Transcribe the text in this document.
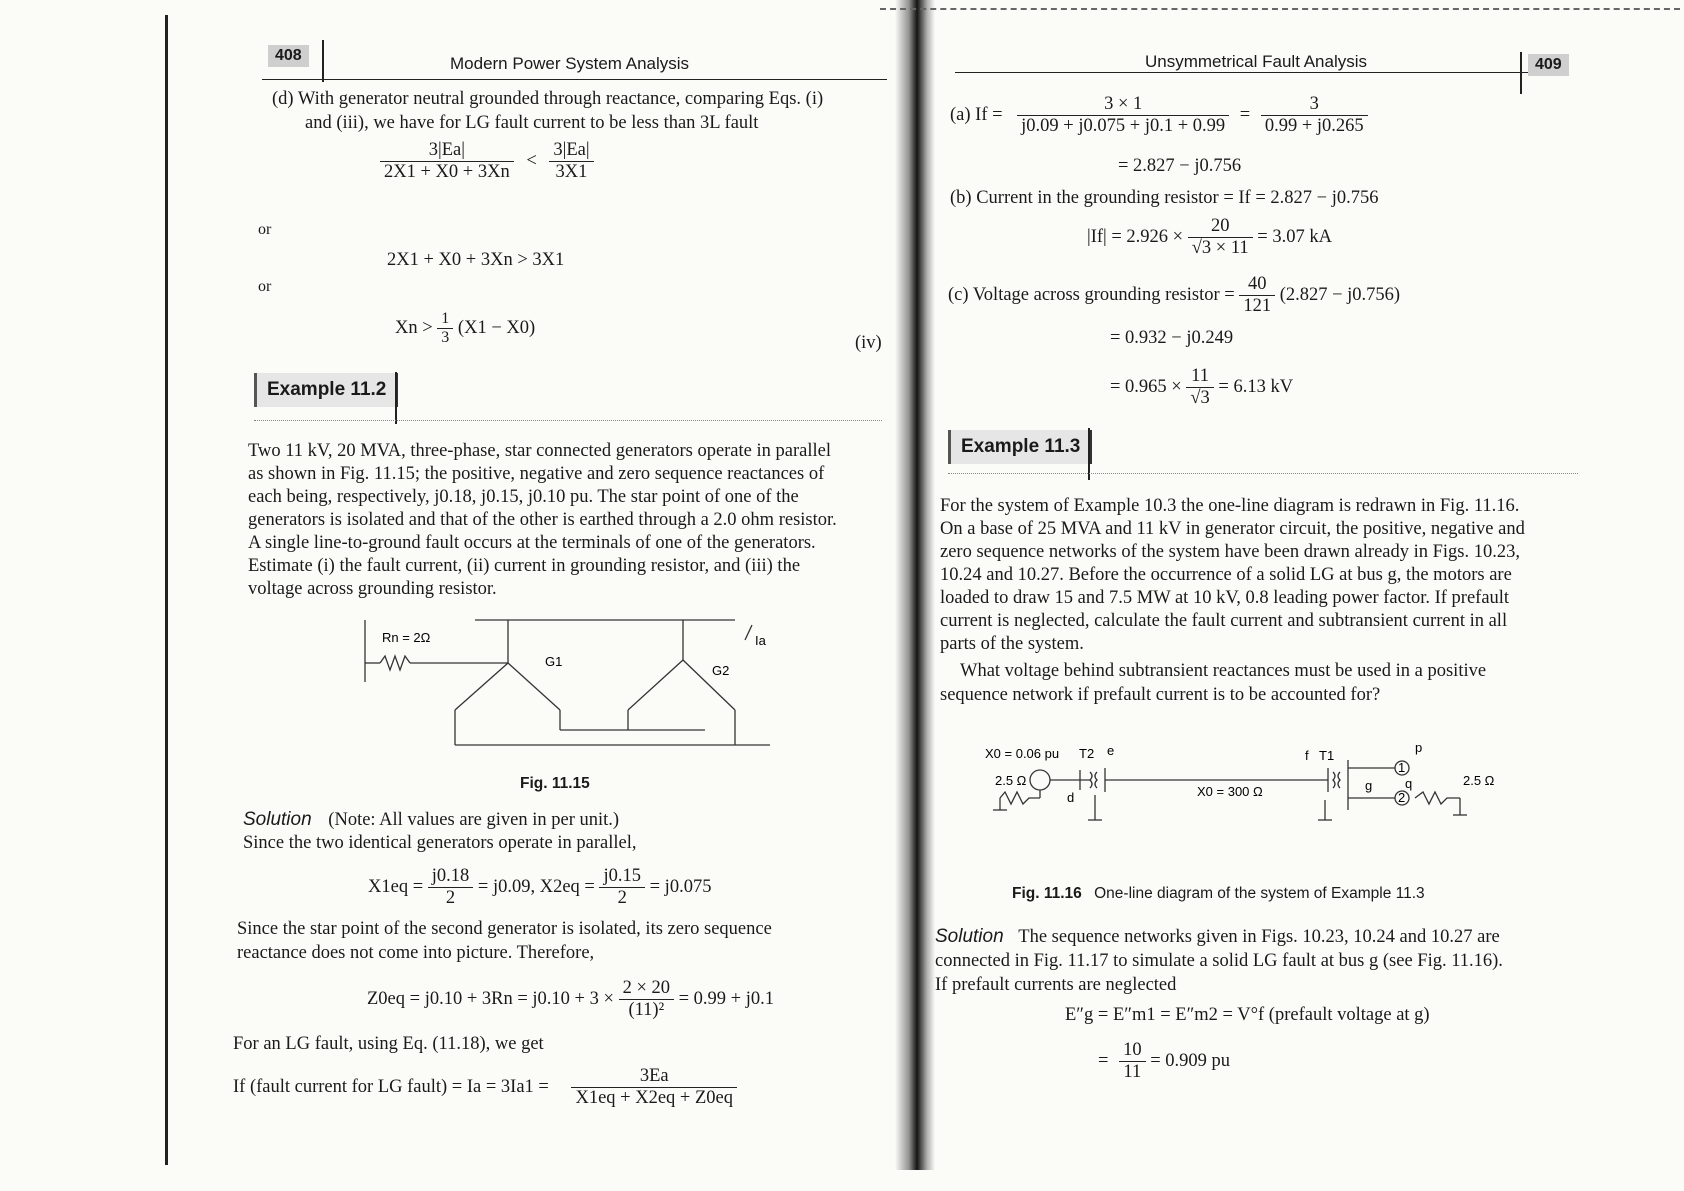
408	Modern Power System Analysis
(d) With generator neutral grounded through reactance, comparing Eqs. (i)
and (iii), we have for LG fault current to be less than 3L fault
$\frac{3|Ea|}{2X1 + X0 + 3Xn} < \frac{3|Ea|}{3X1}$
or
2X1 + X0 + 3Xn > 3X1
or
$Xn > \frac{1}{3} (X1 - X0)$
(iv)
Example 11.2
Two 11 kV, 20 MVA, three-phase, star connected generators operate in parallel
as shown in Fig. 11.15; the positive, negative and zero sequence reactances of
each being, respectively, j0.18, j0.15, j0.10 pu. The star point of one of the
generators is isolated and that of the other is earthed through a 2.0 ohm resistor.
A single line-to-ground fault occurs at the terminals of one of the generators.
Estimate (i) the fault current, (ii) current in grounding resistor, and (iii) the
voltage across grounding resistor.
Rn = 2Ω
G1
G2
Ia
Fig. 11.15
Solution (Note: All values are given in per unit.)
Since the two identical generators operate in parallel,
$X1eq = \frac{j0.18}{2} = j0.09$, $X2eq = \frac{j0.15}{2} = j0.075$
Since the star point of the second generator is isolated, its zero sequence
reactance does not come into picture. Therefore,
$Z0eq = j0.10 + 3Rn = j0.10 + 3 \times \frac{2 \times 20}{\text{(11)²}} = 0.99 + j0.1$
For an LG fault, using Eq. (11.18), we get
If (fault current for LG fault) = $Ia = 3Ia1 = \frac{3Ea}{X1eq + X2eq + Z0eq}$
Unsymmetrical Fault Analysis	409
(a) $If = \frac{3 \times 1}{j0.09 + j0.075 + j0.1 + 0.99} = \frac{3}{0.99 + j0.265}$
= 2.827 − j0.756
(b) Current in the grounding resistor = If = 2.827 − j0.756
$|If| = 2.926 \times \frac{20}{√3 \times 11} = 3.07$ kA
(c) Voltage across grounding resistor = $\frac{40}{121} (2.827 - j0.756)$
= 0.932 − j0.249
= $0.965 \times \frac{11}{√3} = 6.13$ kV
Example 11.3
For the system of Example 10.3 the one-line diagram is redrawn in Fig. 11.16.
On a base of 25 MVA and 11 kV in generator circuit, the positive, negative and
zero sequence networks of the system have been drawn already in Figs. 10.23,
10.24 and 10.27. Before the occurrence of a solid LG at bus g, the motors are
loaded to draw 15 and 7.5 MW at 10 kV, 0.8 leading power factor. If prefault
current is neglected, calculate the fault current and subtransient current in all
parts of the system.
What voltage behind subtransient reactances must be used in a positive
sequence network if prefault current is to be accounted for?
X0 = 0.06 pu T2 e
d
2.5 Ω
X0 = 300 Ω
f T1
g
p
q
1
2
2.5 Ω
Fig. 11.16 One-line diagram of the system of Example 11.3
Solution The sequence networks given in Figs. 10.23, 10.24 and 10.27 are
connected in Fig. 11.17 to simulate a solid LG fault at bus g (see Fig. 11.16).
If prefault currents are neglected
E″g = E″m1 = E″m2 = V°f (prefault voltage at g)
= $\frac{10}{11} = 0.909$ pu
